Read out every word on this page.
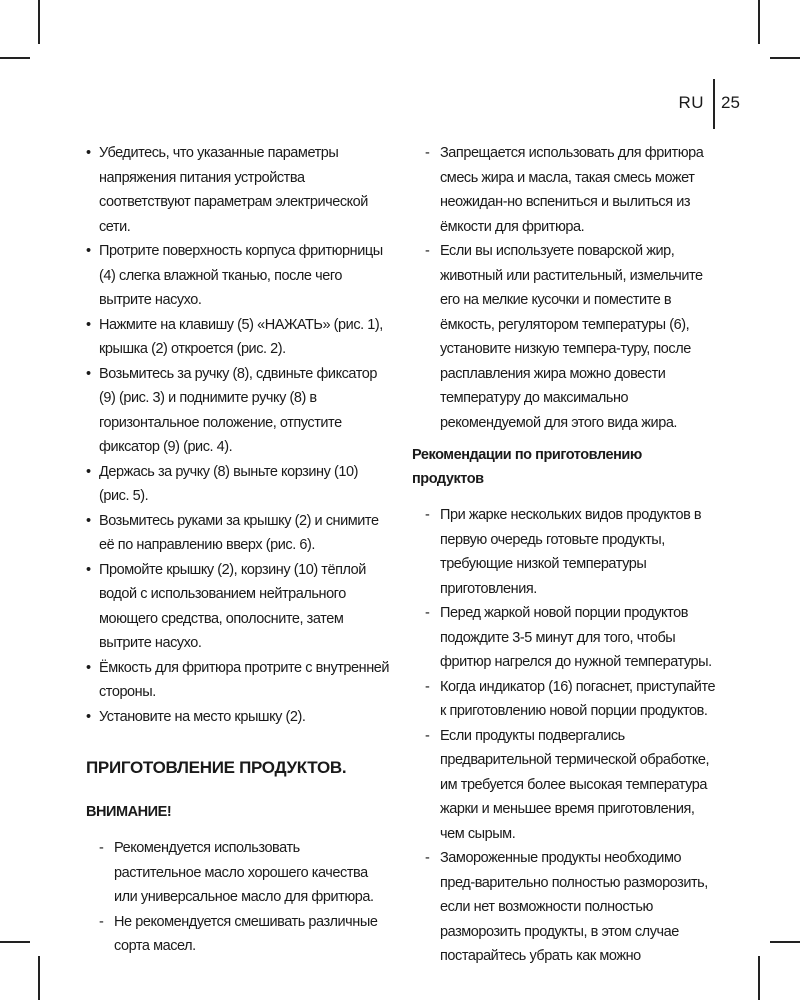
RU 25
• Убедитесь, что указанные параметры напряжения питания устройства соответствуют параметрам электрической сети.
• Протрите поверхность корпуса фритюрницы (4) слегка влажной тканью, после чего вытрите насухо.
• Нажмите на клавишу (5) «НАЖАТЬ» (рис. 1), крышка (2) откроется (рис. 2).
• Возьмитесь за ручку (8), сдвиньте фиксатор (9) (рис. 3) и поднимите ручку (8) в горизонтальное положение, отпустите фиксатор (9) (рис. 4).
• Держась за ручку (8) выньте корзину (10) (рис. 5).
• Возьмитесь руками за крышку (2) и снимите её по направлению вверх (рис. 6).
• Промойте крышку (2), корзину (10) тёплой водой с использованием нейтрального моющего средства, ополосните, затем вытрите насухо.
• Ёмкость для фритюра протрите с внутренней стороны.
• Установите на место крышку (2).
ПРИГОТОВЛЕНИЕ ПРОДУКТОВ.
ВНИМАНИЕ!
- Рекомендуется использовать растительное масло хорошего качества или универсальное масло для фритюра.
- Не рекомендуется смешивать различные сорта масел.
- Запрещается использовать для фритюра смесь жира и масла, такая смесь может неожидан-но вспениться и вылиться из ёмкости для фритюра.
- Если вы используете поварской жир, животный или растительный, измельчите его на мелкие кусочки и поместите в ёмкость, регулятором температуры (6), установите низкую темпера-туру, после расплавления жира можно довести температуру до максимально рекомендуемой для этого вида жира.
Рекомендации по приготовлению продуктов
- При жарке нескольких видов продуктов в первую очередь готовьте продукты, требующие низкой температуры приготовления.
- Перед жаркой новой порции продуктов подождите 3-5 минут для того, чтобы фритюр нагрелся до нужной температуры.
- Когда индикатор (16) погаснет, приступайте к приготовлению новой порции продуктов.
- Если продукты подвергались предварительной термической обработке, им требуется более высокая температура жарки и меньшее время приготовления, чем сырым.
- Замороженные продукты необходимо пред-варительно полностью разморозить, если нет возможности полностью разморозить продукты, в этом случае постарайтесь убрать как можно
